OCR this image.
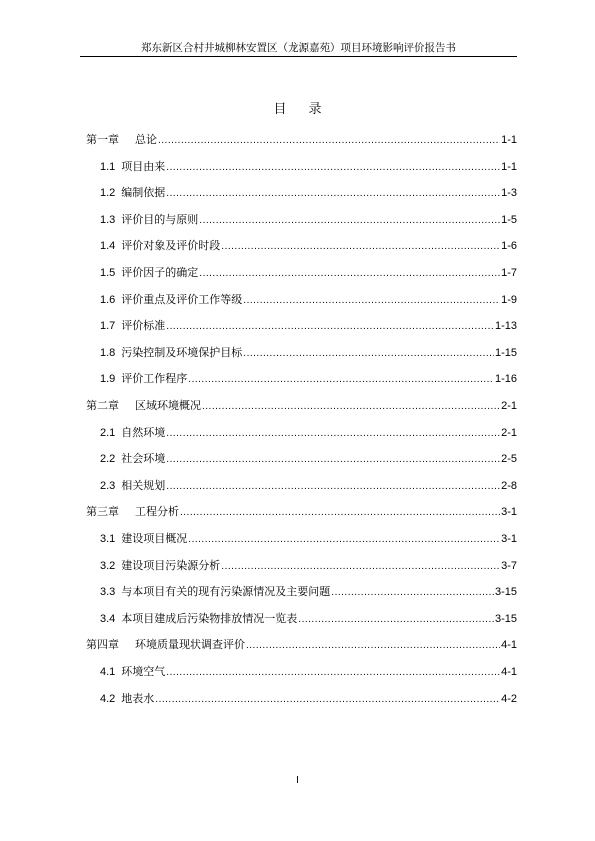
郑东新区合村井城柳林安置区（龙源嘉苑）项目环境影响评价报告书
目录
第一章 总论 .....	1-1
1.1 项目由来 .....	1-1
1.2 编制依据 .....	1-3
1.3 评价目的与原则 .....	1-5
1.4 评价对象及评价时段 .....	1-6
1.5 评价因子的确定 .....	1-7
1.6 评价重点及评价工作等级 .....	1-9
1.7 评价标准 .....	1-13
1.8 污染控制及环境保护目标 .....	1-15
1.9 评价工作程序 .....	1-16
第二章 区域环境概况 .....	2-1
2.1 自然环境 .....	2-1
2.2 社会环境 .....	2-5
2.3 相关规划 .....	2-8
第三章 工程分析 .....	3-1
3.1 建设项目概况 .....	3-1
3.2 建设项目污染源分析 .....	3-7
3.3 与本项目有关的现有污染源情况及主要问题 .....	3-15
3.4 本项目建成后污染物排放情况一览表 .....	3-15
第四章 环境质量现状调查评价 .....	4-1
4.1 环境空气 .....	4-1
4.2 地表水 .....	4-2
I
